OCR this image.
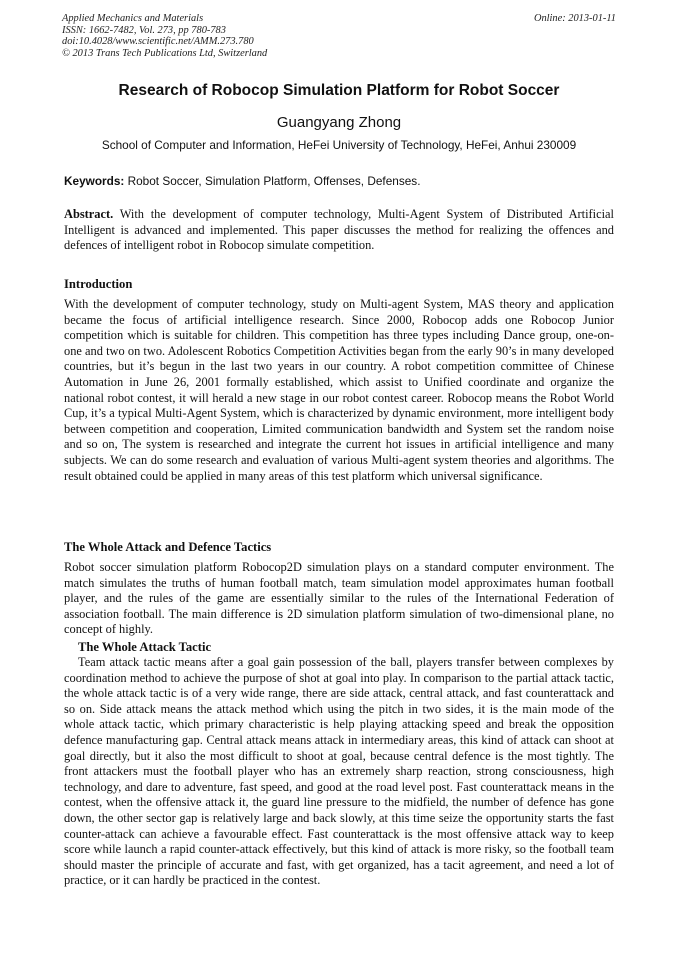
Applied Mechanics and Materials
ISSN: 1662-7482, Vol. 273, pp 780-783
doi:10.4028/www.scientific.net/AMM.273.780
© 2013 Trans Tech Publications Ltd, Switzerland
Online: 2013-01-11
Research of Robocop Simulation Platform for Robot Soccer
Guangyang Zhong
School of Computer and Information, HeFei University of Technology, HeFei, Anhui 230009
Keywords: Robot Soccer, Simulation Platform, Offenses, Defenses.
Abstract. With the development of computer technology, Multi-Agent System of Distributed Artificial Intelligent is advanced and implemented. This paper discusses the method for realizing the offences and defences of intelligent robot in Robocop simulate competition.
Introduction
With the development of computer technology, study on Multi-agent System, MAS theory and application became the focus of artificial intelligence research. Since 2000, Robocop adds one Robocop Junior competition which is suitable for children. This competition has three types including Dance group, one-on-one and two on two. Adolescent Robotics Competition Activities began from the early 90’s in many developed countries, but it’s begun in the last two years in our country. A robot competition committee of Chinese Automation in June 26, 2001 formally established, which assist to Unified coordinate and organize the national robot contest, it will herald a new stage in our robot contest career. Robocop means the Robot World Cup, it’s a typical Multi-Agent System, which is characterized by dynamic environment, more intelligent body between competition and cooperation, Limited communication bandwidth and System set the random noise and so on, The system is researched and integrate the current hot issues in artificial intelligence and many subjects. We can do some research and evaluation of various Multi-agent system theories and algorithms. The result obtained could be applied in many areas of this test platform which universal significance.
The Whole Attack and Defence Tactics
Robot soccer simulation platform Robocop2D simulation plays on a standard computer environment. The match simulates the truths of human football match, team simulation model approximates human football player, and the rules of the game are essentially similar to the rules of the International Federation of association football. The main difference is 2D simulation platform simulation of two-dimensional plane, no concept of highly.
The Whole Attack Tactic
Team attack tactic means after a goal gain possession of the ball, players transfer between complexes by coordination method to achieve the purpose of shot at goal into play. In comparison to the partial attack tactic, the whole attack tactic is of a very wide range, there are side attack, central attack, and fast counterattack and so on. Side attack means the attack method which using the pitch in two sides, it is the main mode of the whole attack tactic, which primary characteristic is help playing attacking speed and break the opposition defence manufacturing gap. Central attack means attack in intermediary areas, this kind of attack can shoot at goal directly, but it also the most difficult to shoot at goal, because central defence is the most tightly. The front attackers must the football player who has an extremely sharp reaction, strong consciousness, high technology, and dare to adventure, fast speed, and good at the road level post. Fast counterattack means in the contest, when the offensive attack it, the guard line pressure to the midfield, the number of defence has gone down, the other sector gap is relatively large and back slowly, at this time seize the opportunity starts the fast counter-attack can achieve a favourable effect. Fast counterattack is the most offensive attack way to keep score while launch a rapid counter-attack effectively, but this kind of attack is more risky, so the football team should master the principle of accurate and fast, with get organized, has a tacit agreement, and need a lot of practice, or it can hardly be practiced in the contest.
